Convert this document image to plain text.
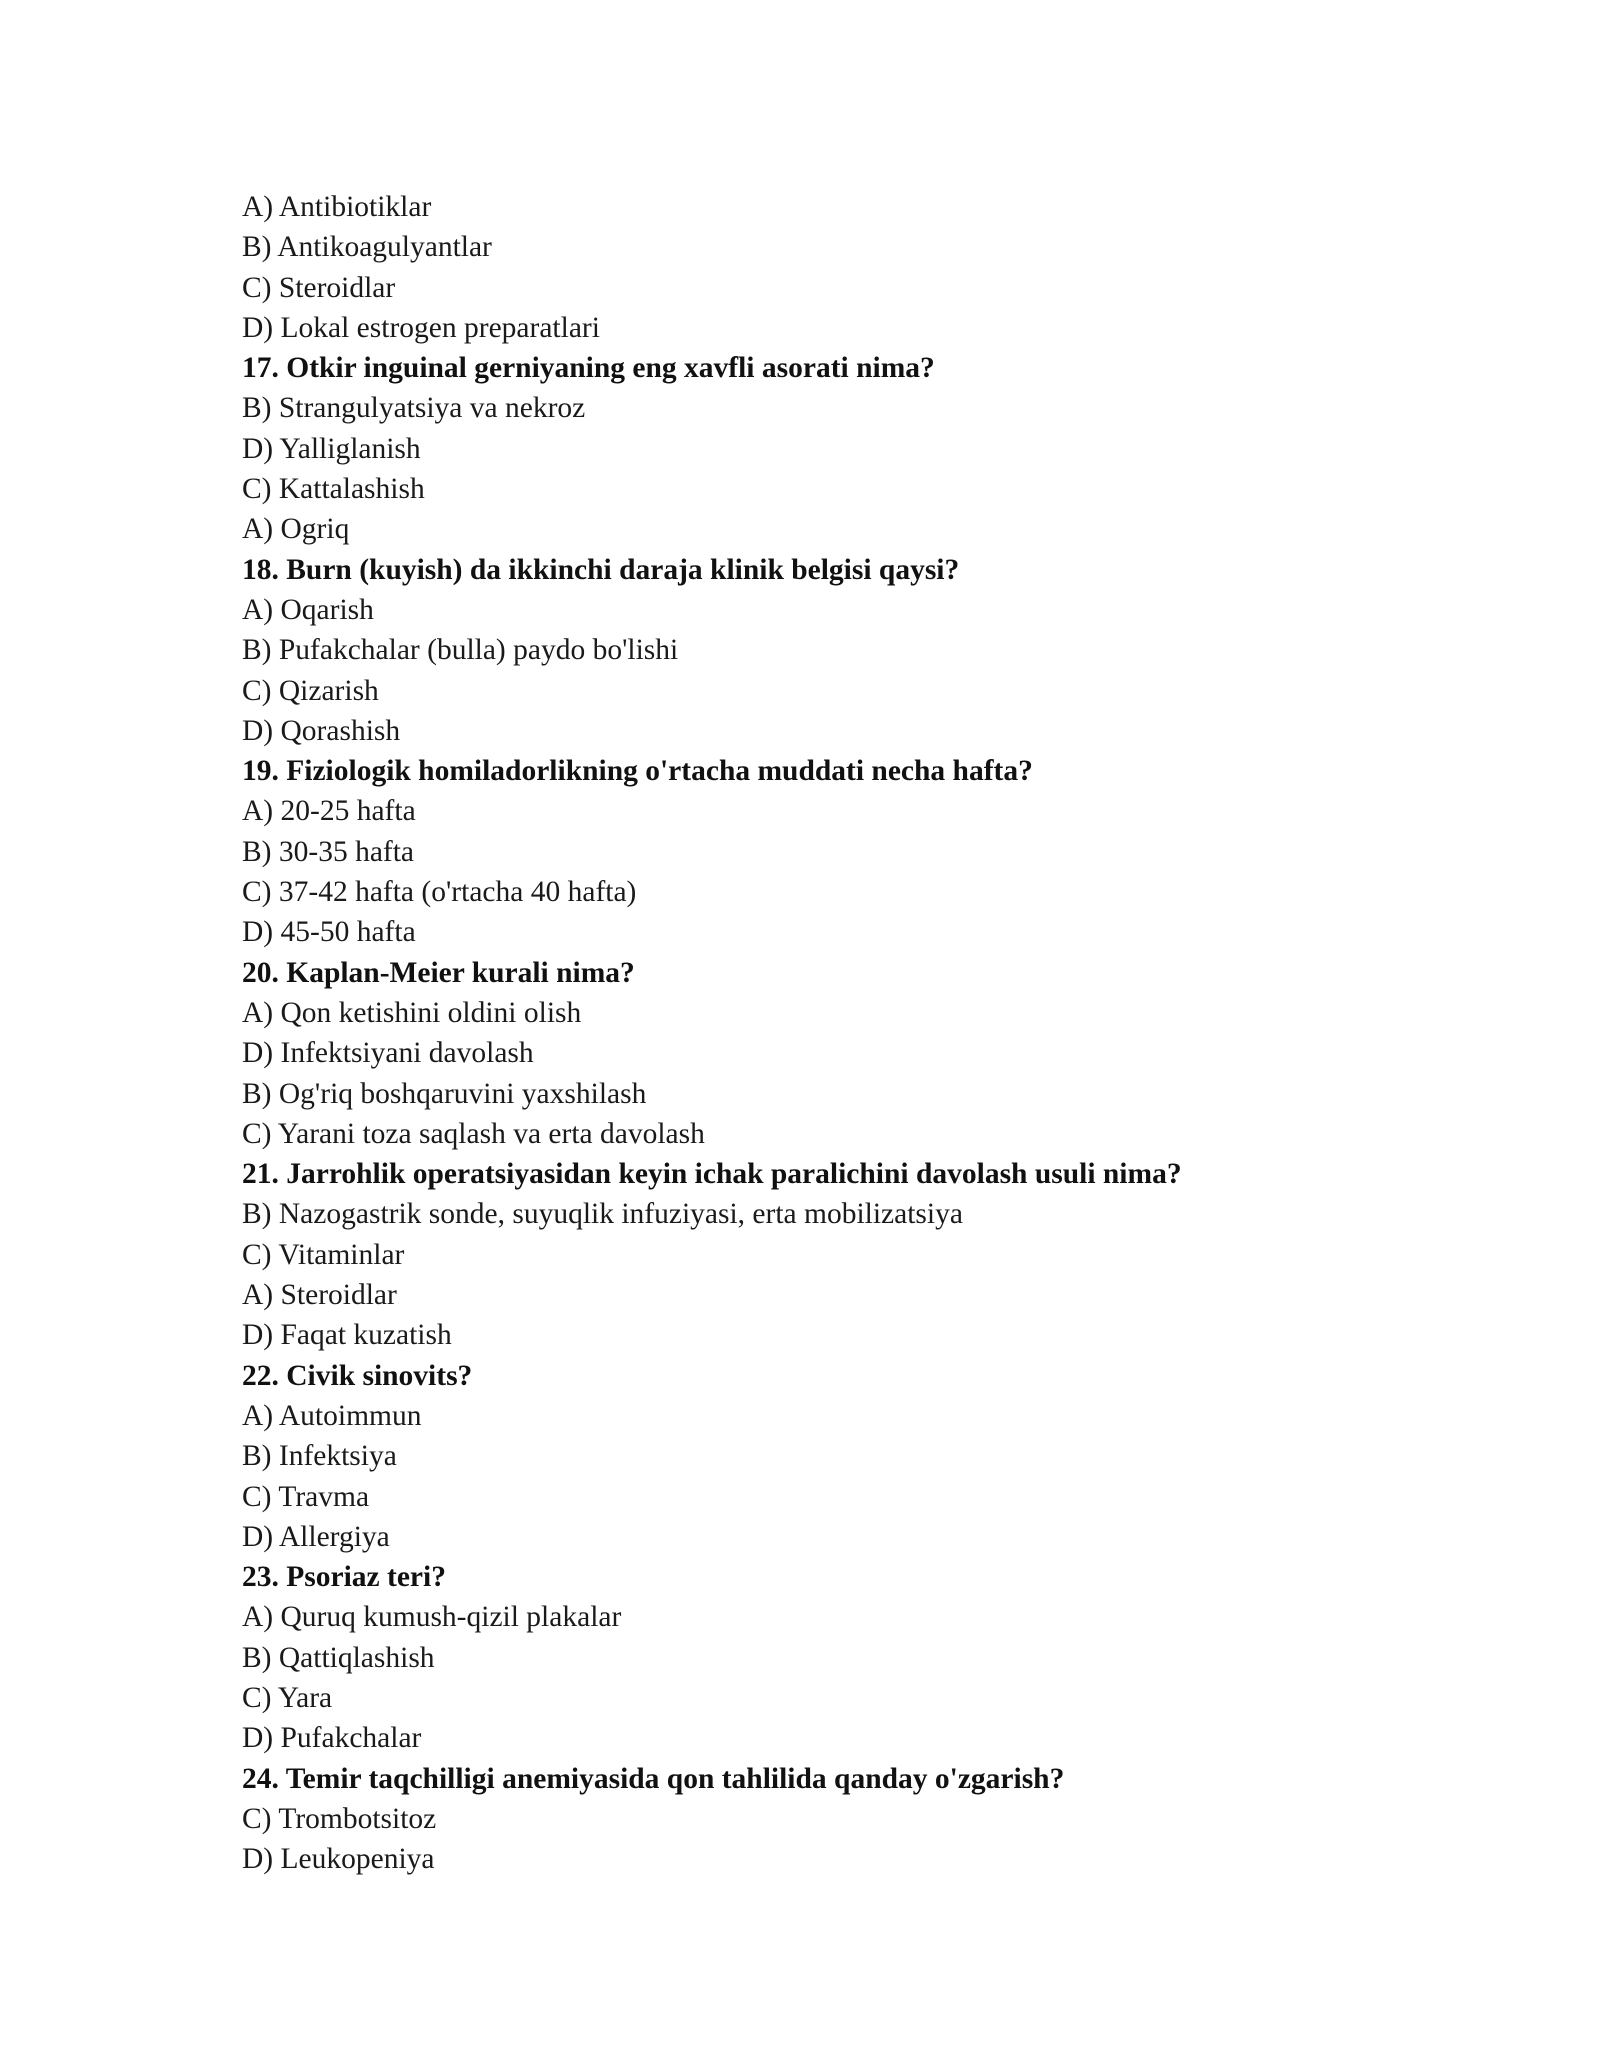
A) Antibiotiklar
B) Antikoagulyantlar
C) Steroidlar
D) Lokal estrogen preparatlari
17. Otkir inguinal gerniyaning eng xavfli asorati nima?
B) Strangulyatsiya va nekroz
D) Yalliglanish
C) Kattalashish
A) Ogriq
18. Burn (kuyish) da ikkinchi daraja klinik belgisi qaysi?
A) Oqarish
B) Pufakchalar (bulla) paydo bo'lishi
C) Qizarish
D) Qorashish
19. Fiziologik homiladorlikning o'rtacha muddati necha hafta?
A) 20-25 hafta
B) 30-35 hafta
C) 37-42 hafta (o'rtacha 40 hafta)
D) 45-50 hafta
20. Kaplan-Meier kurali nima?
A) Qon ketishini oldini olish
D) Infektsiyani davolash
B) Og'riq boshqaruvini yaxshilash
C) Yarani toza saqlash va erta davolash
21. Jarrohlik operatsiyasidan keyin ichak paralichini davolash usuli nima?
B) Nazogastrik sonde, suyuqlik infuziyasi, erta mobilizatsiya
C) Vitaminlar
A) Steroidlar
D) Faqat kuzatish
22. Civik sinovits?
A) Autoimmun
B) Infektsiya
C) Travma
D) Allergiya
23. Psoriaz teri?
A) Quruq kumush-qizil plakalar
B) Qattiqlashish
C) Yara
D) Pufakchalar
24. Temir taqchilligi anemiyasida qon tahlilida qanday o'zgarish?
C) Trombotsitoz
D) Leukopeniya
